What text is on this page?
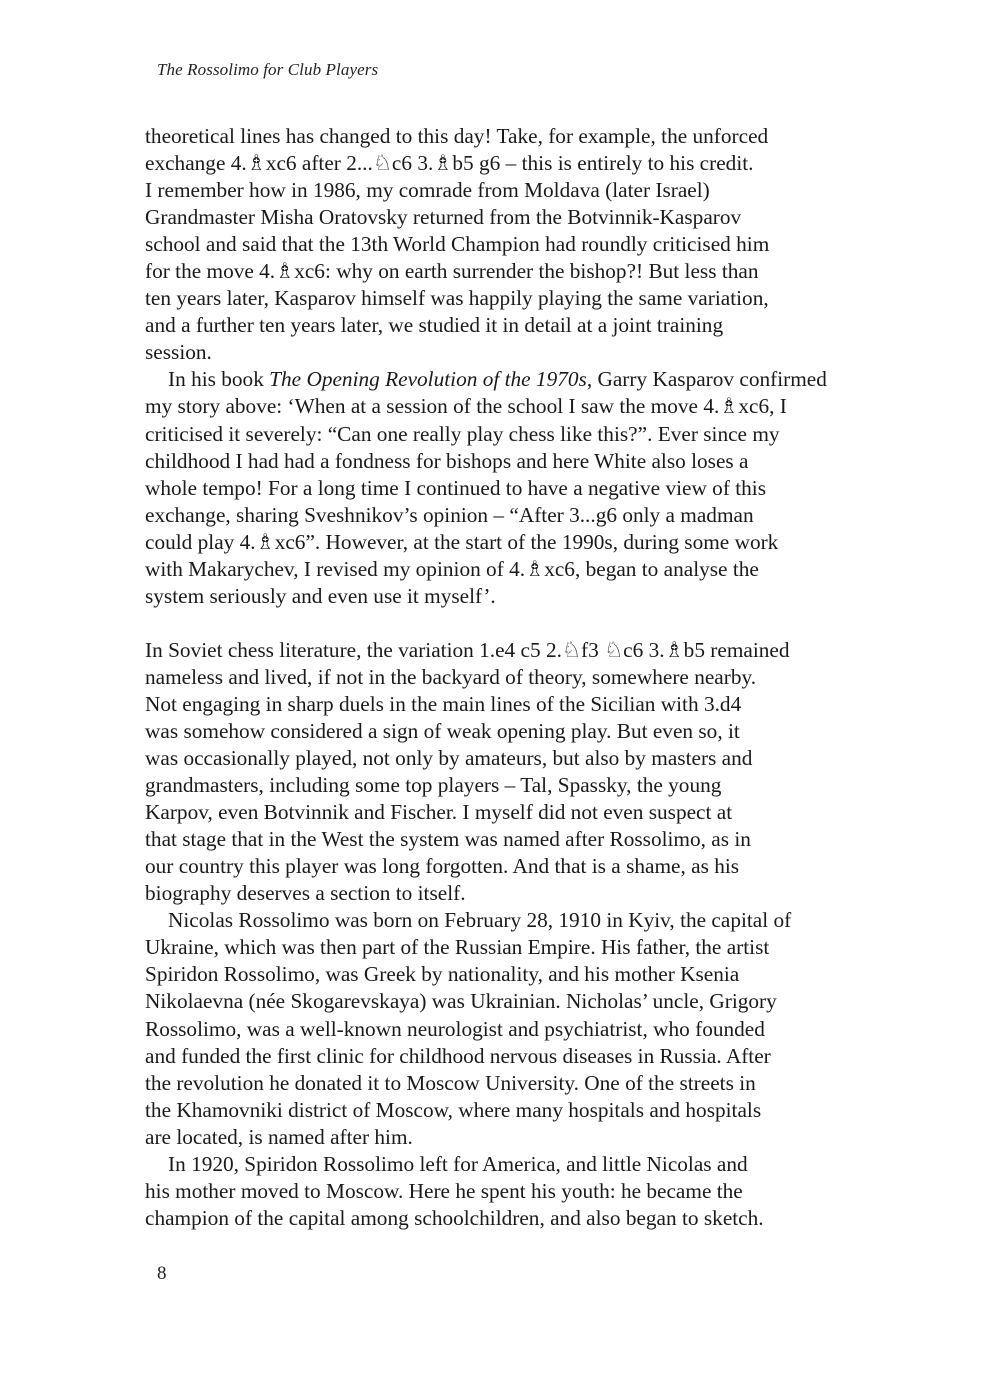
The Rossolimo for Club Players

theoretical lines has changed to this day! Take, for example, the unforced
exchange 4.♗xc6 after 2...♘c6 3.♗b5 g6 – this is entirely to his credit.
I remember how in 1986, my comrade from Moldava (later Israel)
Grandmaster Misha Oratovsky returned from the Botvinnik-Kasparov
school and said that the 13th World Champion had roundly criticised him
for the move 4.♗xc6: why on earth surrender the bishop?! But less than
ten years later, Kasparov himself was happily playing the same variation,
and a further ten years later, we studied it in detail at a joint training
session.

In his book The Opening Revolution of the 1970s, Garry Kasparov confirmed
my story above: ‘When at a session of the school I saw the move 4.♗xc6, I
criticised it severely: “Can one really play chess like this?”. Ever since my
childhood I had had a fondness for bishops and here White also loses a
whole tempo! For a long time I continued to have a negative view of this
exchange, sharing Sveshnikov’s opinion – “After 3...g6 only a madman
could play 4.♗xc6”. However, at the start of the 1990s, during some work
with Makarychev, I revised my opinion of 4.♗xc6, began to analyse the
system seriously and even use it myself’.

In Soviet chess literature, the variation 1.e4 c5 2.♘f3 ♘c6 3.♗b5 remained
nameless and lived, if not in the backyard of theory, somewhere nearby.
Not engaging in sharp duels in the main lines of the Sicilian with 3.d4
was somehow considered a sign of weak opening play. But even so, it
was occasionally played, not only by amateurs, but also by masters and
grandmasters, including some top players – Tal, Spassky, the young
Karpov, even Botvinnik and Fischer. I myself did not even suspect at
that stage that in the West the system was named after Rossolimo, as in
our country this player was long forgotten. And that is a shame, as his
biography deserves a section to itself.

Nicolas Rossolimo was born on February 28, 1910 in Kyiv, the capital of
Ukraine, which was then part of the Russian Empire. His father, the artist
Spiridon Rossolimo, was Greek by nationality, and his mother Ksenia
Nikolaevna (née Skogarevskaya) was Ukrainian. Nicholas’ uncle, Grigory
Rossolimo, was a well-known neurologist and psychiatrist, who founded
and funded the first clinic for childhood nervous diseases in Russia. After
the revolution he donated it to Moscow University. One of the streets in
the Khamovniki district of Moscow, where many hospitals and hospitals
are located, is named after him.

In 1920, Spiridon Rossolimo left for America, and little Nicolas and
his mother moved to Moscow. Here he spent his youth: he became the
champion of the capital among schoolchildren, and also began to sketch.

8
